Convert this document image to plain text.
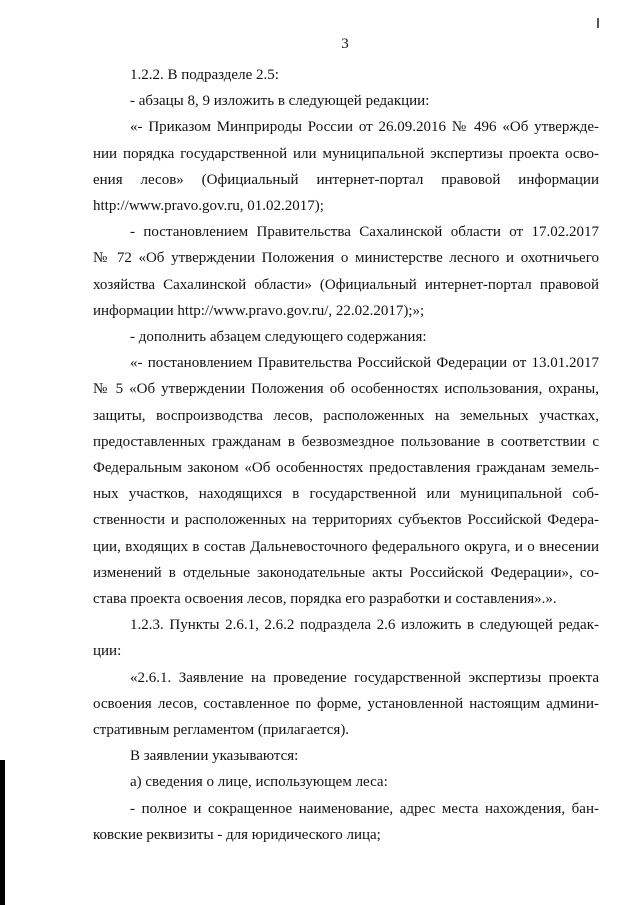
3
1.2.2. В подразделе 2.5:
- абзацы 8, 9 изложить в следующей редакции:
«- Приказом Минприроды России от 26.09.2016 № 496 «Об утвержде-
нии порядка государственной или муниципальной экспертизы проекта осво-
ения лесов» (Официальный интернет-портал правовой информации
http://www.pravo.gov.ru, 01.02.2017);
- постановлением Правительства Сахалинской области от 17.02.2017
№ 72 «Об утверждении Положения о министерстве лесного и охотничьего
хозяйства Сахалинской области» (Официальный интернет-портал правовой
информации http://www.pravo.gov.ru/, 22.02.2017);»;
- дополнить абзацем следующего содержания:
«- постановлением Правительства Российской Федерации от 13.01.2017
№ 5 «Об утверждении Положения об особенностях использования, охраны,
защиты, воспроизводства лесов, расположенных на земельных участках,
предоставленных гражданам в безвозмездное пользование в соответствии с
Федеральным законом «Об особенностях предоставления гражданам земель-
ных участков, находящихся в государственной или муниципальной соб-
ственности и расположенных на территориях субъектов Российской Федера-
ции, входящих в состав Дальневосточного федерального округа, и о внесении
изменений в отдельные законодательные акты Российской Федерации», со-
става проекта освоения лесов, порядка его разработки и составления».».
1.2.3. Пункты 2.6.1, 2.6.2 подраздела 2.6 изложить в следующей редак-
ции:
«2.6.1. Заявление на проведение государственной экспертизы проекта
освоения лесов, составленное по форме, установленной настоящим админи-
стративным регламентом (прилагается).
В заявлении указываются:
а) сведения о лице, использующем леса:
- полное и сокращенное наименование, адрес места нахождения, бан-
ковские реквизиты - для юридического лица;
